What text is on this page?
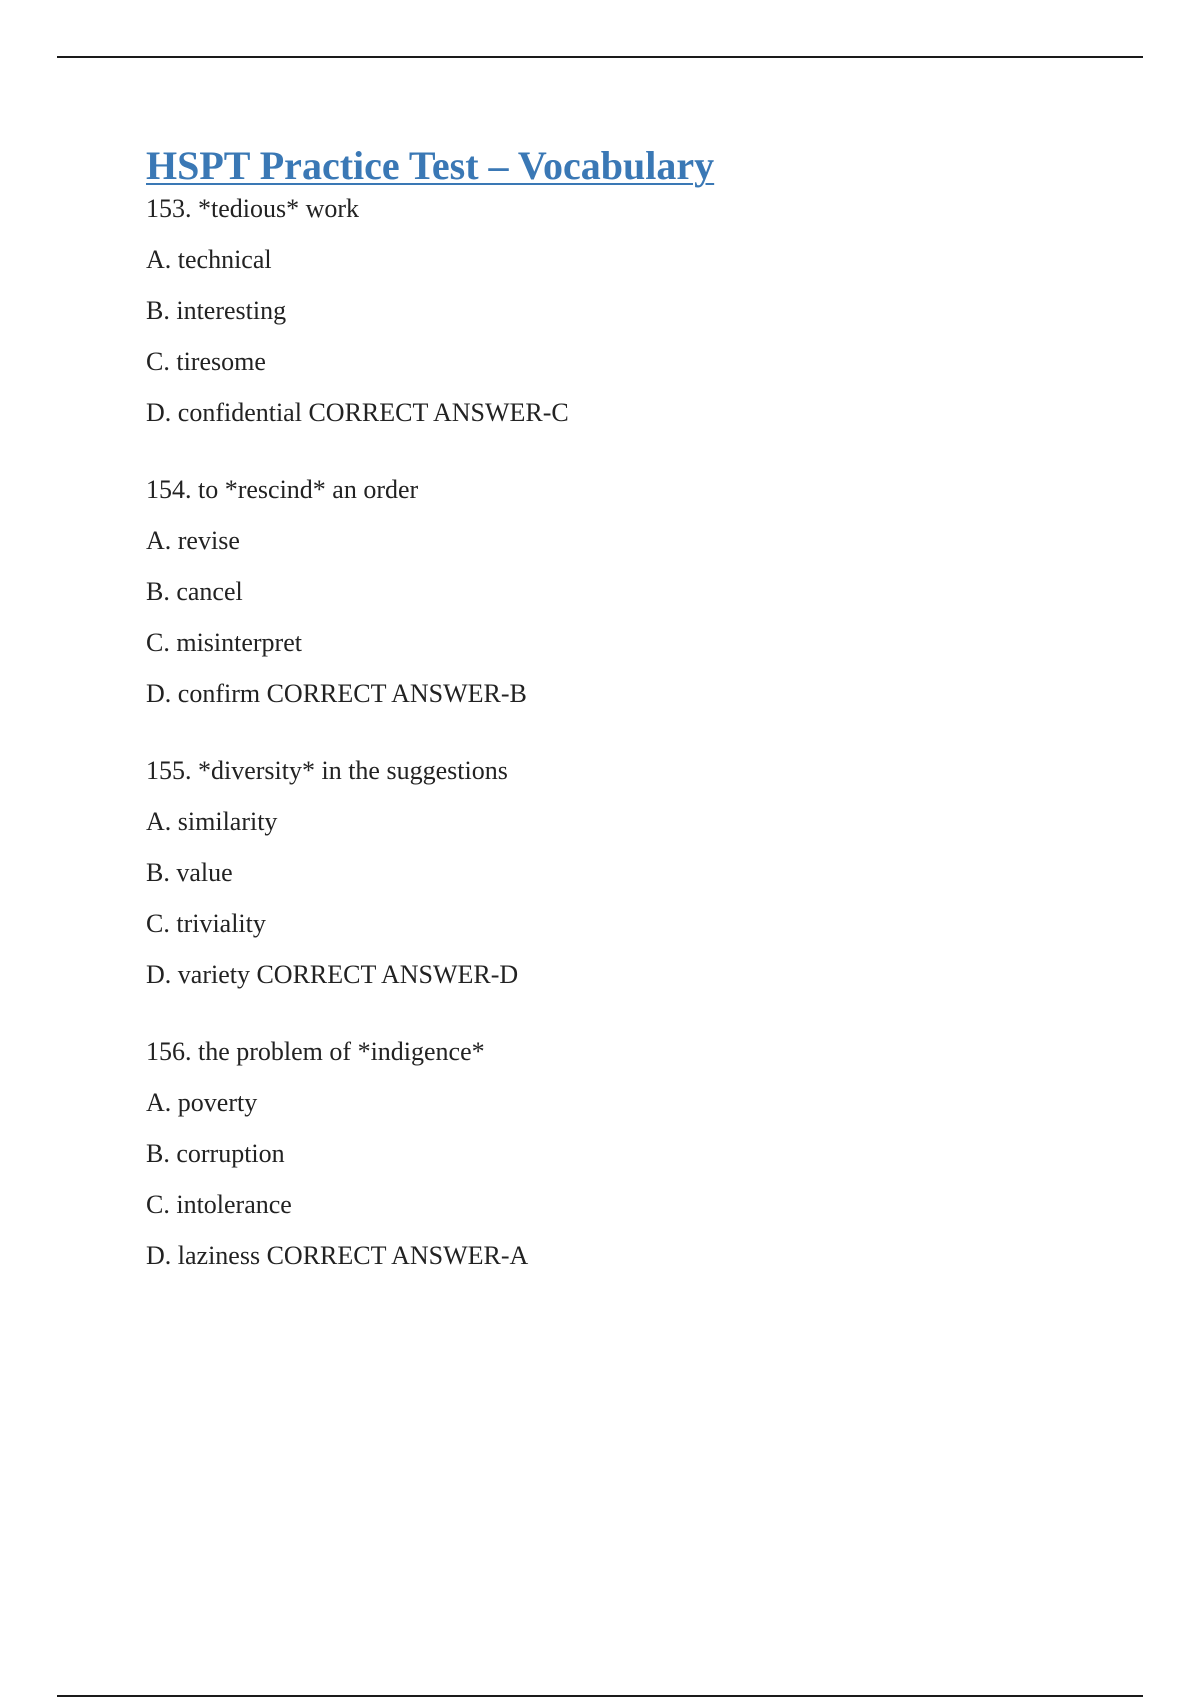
HSPT Practice Test – Vocabulary
153. *tedious* work
A. technical
B. interesting
C. tiresome
D. confidential CORRECT ANSWER-C
154. to *rescind* an order
A. revise
B. cancel
C. misinterpret
D. confirm CORRECT ANSWER-B
155. *diversity* in the suggestions
A. similarity
B. value
C. triviality
D. variety CORRECT ANSWER-D
156. the problem of *indigence*
A. poverty
B. corruption
C. intolerance
D. laziness CORRECT ANSWER-A
